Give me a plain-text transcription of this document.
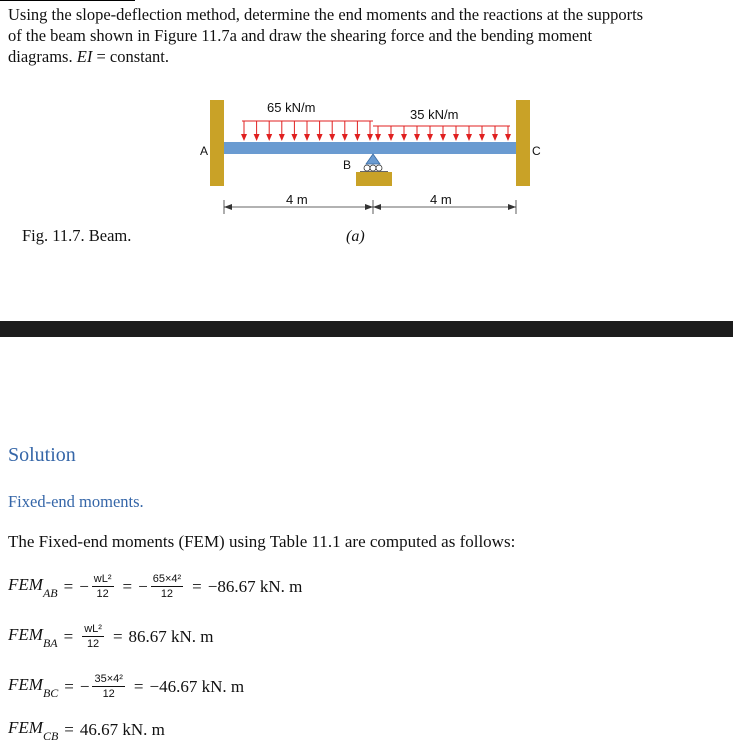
Using the slope-deflection method, determine the end moments and the reactions at the supports
of the beam shown in Figure 11.7a and draw the shearing force and the bending moment
diagrams. EI = constant.
Fig. 11.7. Beam.
65 kN/m	35 kN/m
A
B
C
4 m	4 m
(a)
Solution
Fixed-end moments.
The Fixed-end moments (FEM) using Table 11.1 are computed as follows:
$FEM_{AB}$ = − $\frac{\text{wL²}}{12}$ = − $\frac{\text{65×4²}}{12} = -86.67$ kN. m
$FEM_{BA} = \frac{\text{wL²}}{12} = 86.67$ kN. m
$FEM_{BC}$ = − $\frac{\text{35×4²}}{12} = -46.67$ kN. m
$FEM_{CB} = 46.67$ kN. m
